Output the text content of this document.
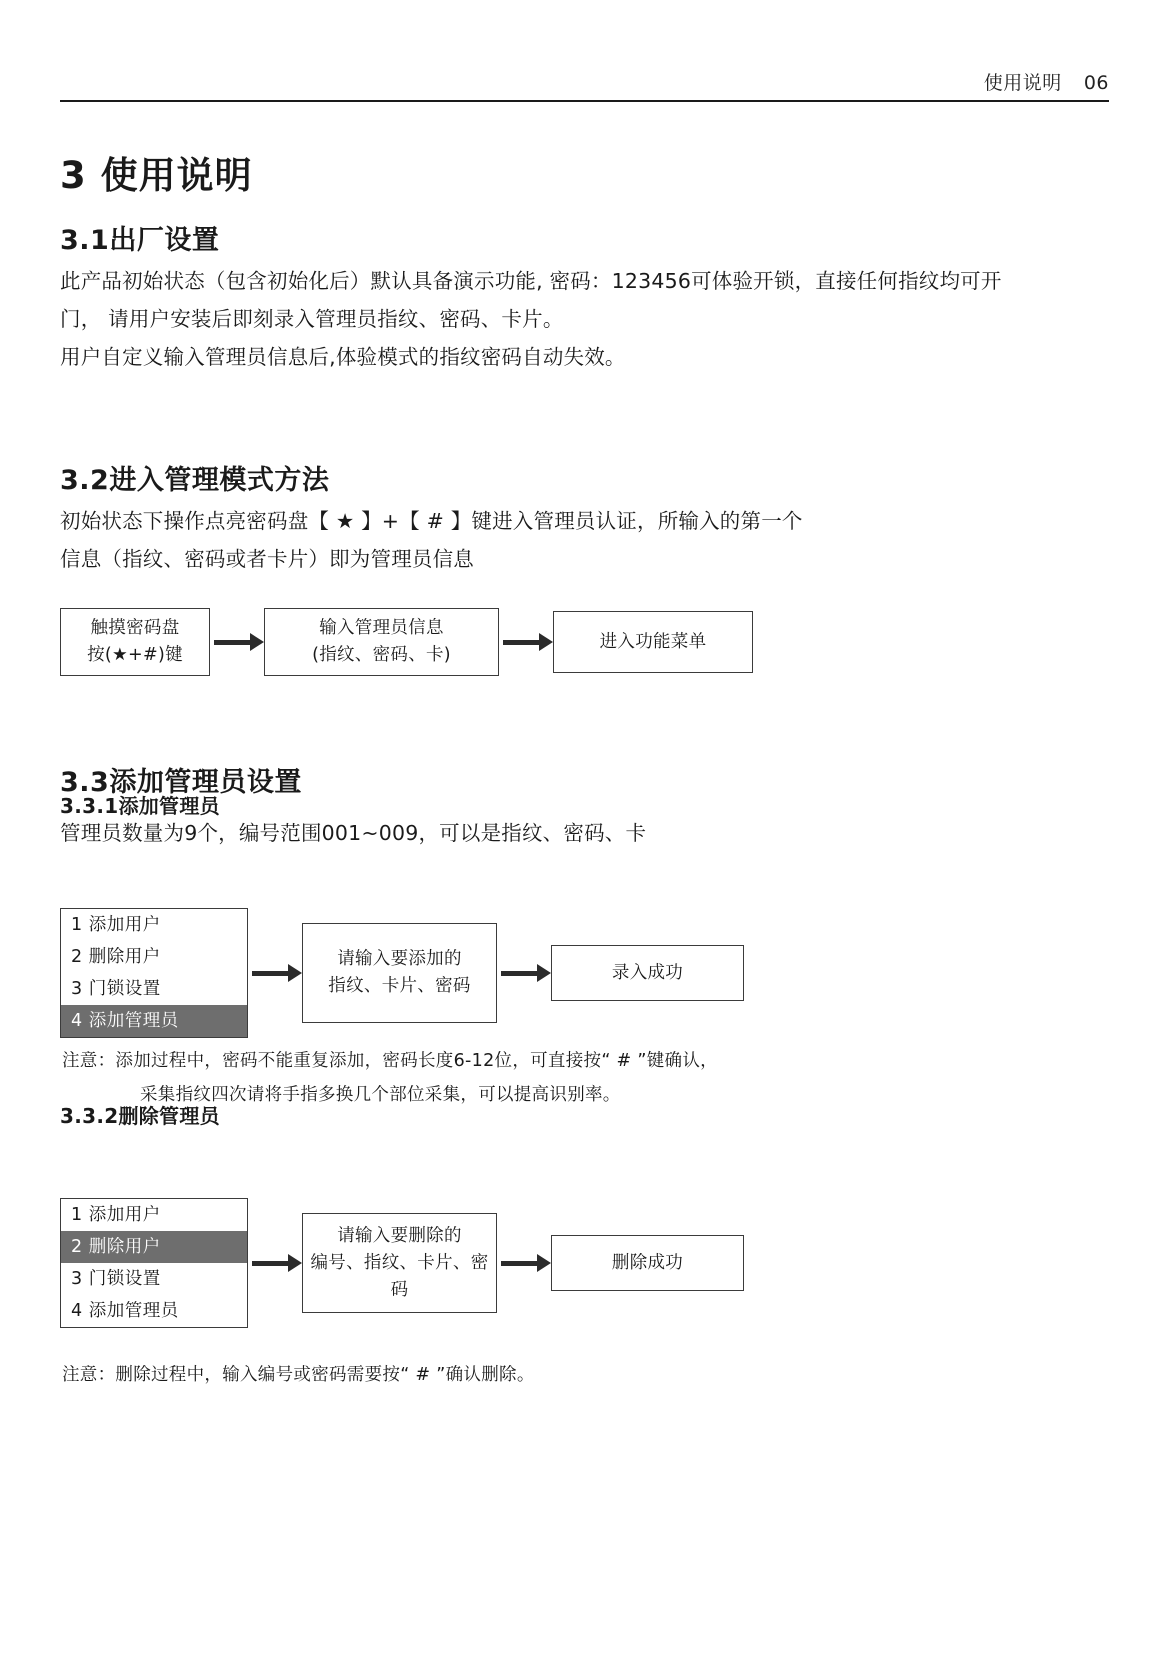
使用说明 06
3 使用说明
3.1出厂设置
此产品初始状态（包含初始化后）默认具备演示功能, 密码：123456可体验开锁，直接任何指纹均可开门， 请用户安装后即刻录入管理员指纹、密码、卡片。
用户自定义输入管理员信息后,体验模式的指纹密码自动失效。
3.2进入管理模式方法
初始状态下操作点亮密码盘【 ★ 】+【 # 】键进入管理员认证，所输入的第一个
信息（指纹、密码或者卡片）即为管理员信息
触摸密码盘
按(★+#)键
输入管理员信息
(指纹、密码、卡)
进入功能菜单
3.3添加管理员设置
3.3.1添加管理员
管理员数量为9个，编号范围001~009，可以是指纹、密码、卡
1 添加用户
2 删除用户
3 门锁设置
4 添加管理员
请输入要添加的
指纹、卡片、密码
录入成功
注意：添加过程中，密码不能重复添加，密码长度6-12位，可直接按“ # ”键确认，
采集指纹四次请将手指多换几个部位采集，可以提高识别率。
3.3.2删除管理员
1 添加用户
2 删除用户
3 门锁设置
4 添加管理员
请输入要删除的
编号、指纹、卡片、密码
删除成功
注意：删除过程中，输入编号或密码需要按“ # ”确认删除。
